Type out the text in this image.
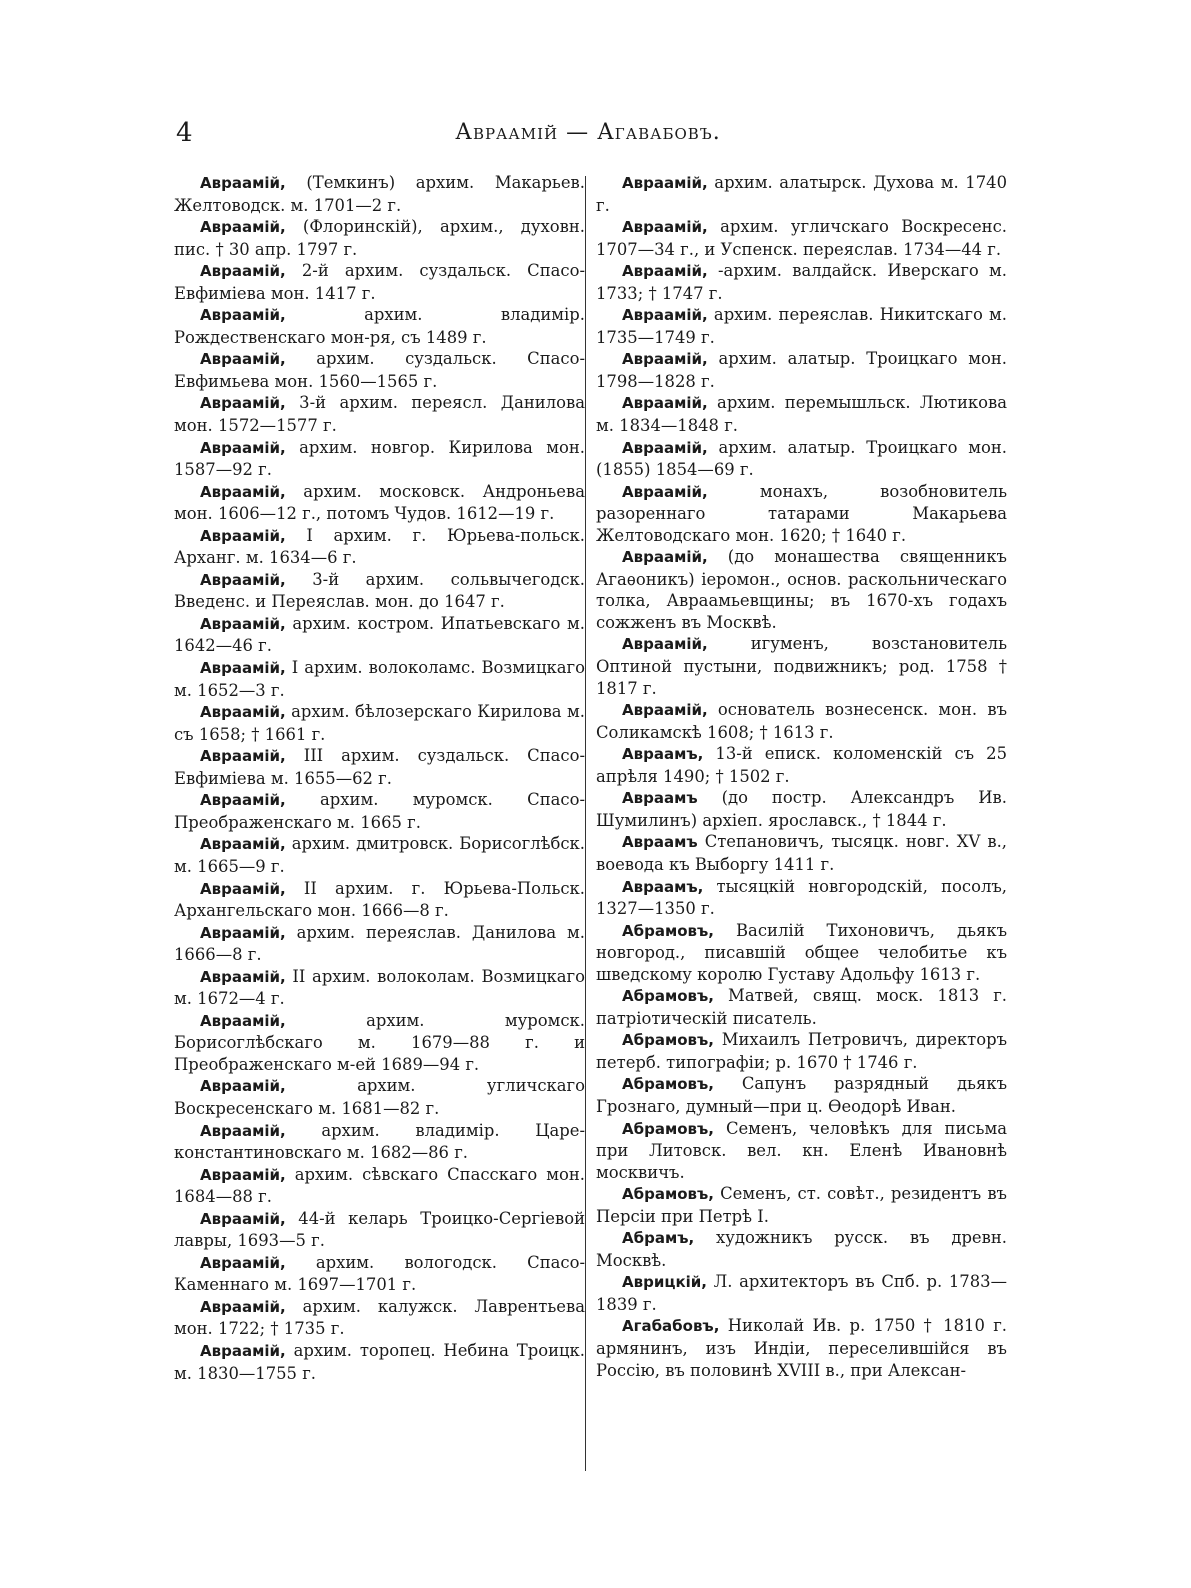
4	Авраамій — Агавабовъ.

Авраамій, (Темкинъ) архим. Макарьев. Желтоводск. м. 1701—2 г.

Авраамій, (Флоринскій), архим., духовн. пис. † 30 апр. 1797 г.

Авраамій, 2-й архим. суздальск. Спасо-Евфиміева мон. 1417 г.

Авраамій, архим. владимір. Рождественскаго мон-ря, съ 1489 г.

Авраамій, архим. суздальск. Спасо-Евфимьева мон. 1560—1565 г.

Авраамій, 3-й архим. переясл. Данилова мон. 1572—1577 г.

Авраамій, архим. новгор. Кирилова мон. 1587—92 г.

Авраамій, архим. московск. Андроньева мон. 1606—12 г., потомъ Чудов. 1612—19 г.

Авраамій, I архим. г. Юрьева-польск. Арханг. м. 1634—6 г.

Авраамій, 3-й архим. сольвычегодск. Введенс. и Переяслав. мон. до 1647 г.

Авраамій, архим. костром. Ипатьевскаго м. 1642—46 г.

Авраамій, I архим. волоколамс. Возмицкаго м. 1652—3 г.

Авраамій, архим. бѣлозерскаго Кирилова м. съ 1658; † 1661 г.

Авраамій, III архим. суздальск. Спасо-Евфиміева м. 1655—62 г.

Авраамій, архим. муромск. Спасо-Преображенскаго м. 1665 г.

Авраамій, архим. дмитровск. Борисоглѣбск. м. 1665—9 г.

Авраамій, II архим. г. Юрьева-Польск. Архангельскаго мон. 1666—8 г.

Авраамій, архим. переяслав. Данилова м. 1666—8 г.

Авраамій, II архим. волоколам. Возмицкаго м. 1672—4 г.

Авраамій, архим. муромск. Борисоглѣбскаго м. 1679—88 г. и Преображенскаго м-ей 1689—94 г.

Авраамій, архим. угличскаго Воскресенскаго м. 1681—82 г.

Авраамій, архим. владимір. Царе-константиновскаго м. 1682—86 г.

Авраамій, архим. сѣвскаго Спасскаго мон. 1684—88 г.

Авраамій, 44-й келарь Троицко-Сергіевой лавры, 1693—5 г.

Авраамій, архим. вологодск. Спасо-Каменнаго м. 1697—1701 г.

Авраамій, архим. калужск. Лаврентьева мон. 1722; † 1735 г.

Авраамій, архим. торопец. Небина Троицк. м. 1830—1755 г.

Авраамій, архим. алатырск. Духова м. 1740 г.

Авраамій, архим. угличскаго Воскресенс. 1707—34 г., и Успенск. переяслав. 1734—44 г.

Авраамій, -архим. валдайск. Иверскаго м. 1733; † 1747 г.

Авраамій, архим. переяслав. Никитскаго м. 1735—1749 г.

Авраамій, архим. алатыр. Троицкаго мон. 1798—1828 г.

Авраамій, архим. перемышльск. Лютикова м. 1834—1848 г.

Авраамій, архим. алатыр. Троицкаго мон. (1855) 1854—69 г.

Авраамій, монахъ, возобновитель разореннаго татарами Макарьева Желтоводскаго мон. 1620; † 1640 г.

Авраамій, (до монашества священникъ Агаѳоникъ) іеромон., основ. раскольническаго толка, Авраамьевщины; въ 1670-хъ годахъ сожженъ въ Москвѣ.

Авраамій, игуменъ, возстановитель Оптиной пустыни, подвижникъ; род. 1758 † 1817 г.

Авраамій, основатель вознесенск. мон. въ Соликамскѣ 1608; † 1613 г.

Авраамъ, 13-й еписк. коломенскій съ 25 апрѣля 1490; † 1502 г.

Авраамъ (до постр. Александръ Ив. Шумилинъ) архіеп. ярославск., † 1844 г.

Авраамъ Степановичъ, тысяцк. новг. XV в., воевода къ Выборгу 1411 г.

Авраамъ, тысяцкій новгородскій, посолъ, 1327—1350 г.

Абрамовъ, Василій Тихоновичъ, дьякъ новгород., писавшій общее челобитье къ шведскому королю Густаву Адольфу 1613 г.

Абрамовъ, Матвей, свящ. моск. 1813 г. патріотическій писатель.

Абрамовъ, Михаилъ Петровичъ, директоръ петерб. типографіи; р. 1670 † 1746 г.

Абрамовъ, Сапунъ разрядный дьякъ Грознаго, думный—при ц. Ѳеодорѣ Иван.

Абрамовъ, Семенъ, человѣкъ для письма при Литовск. вел. кн. Еленѣ Ивановнѣ москвичъ.

Абрамовъ, Семенъ, ст. совѣт., резидентъ въ Персіи при Петрѣ I.

Абрамъ, художникъ русск. въ древн. Москвѣ.

Аврицкій, Л. архитекторъ въ Спб. р. 1783—1839 г.

Агабабовъ, Николай Ив. р. 1750 † 1810 г. армянинъ, изъ Индіи, переселившійся въ Россію, въ половинѣ XVIII в., при Алексан-
